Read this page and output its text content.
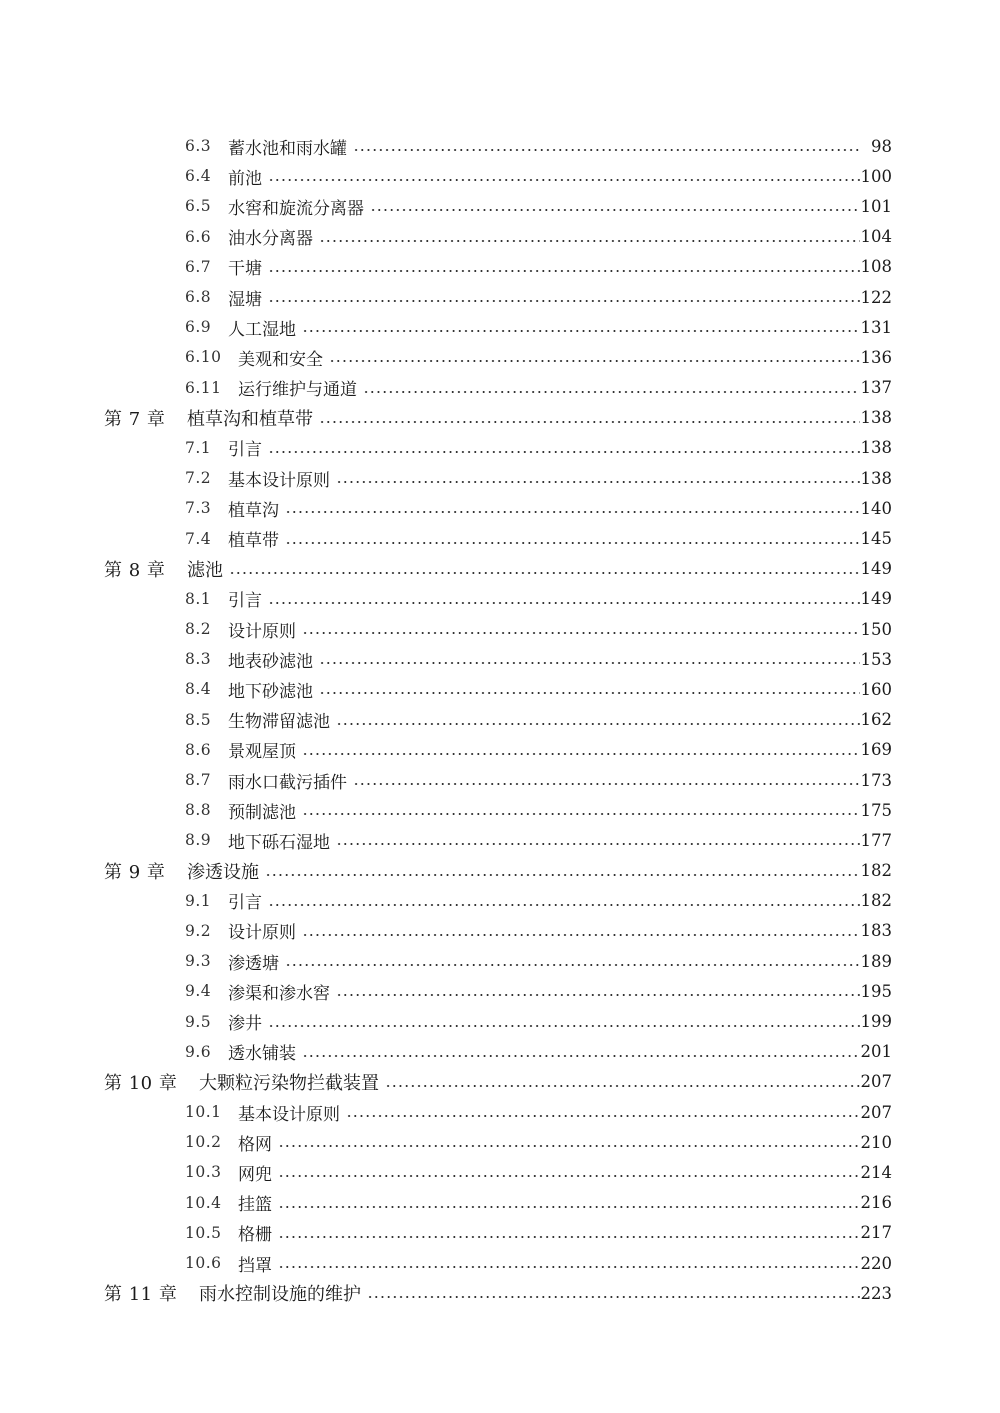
6.3 蓄水池和雨水罐	98
6.4 前池	100
6.5 水窖和旋流分离器	101
6.6 油水分离器	104
6.7 干塘	108
6.8 湿塘	122
6.9 人工湿地	131
6.10 美观和安全	136
6.11 运行维护与通道	137
第 7 章 植草沟和植草带	138
7.1 引言	138
7.2 基本设计原则	138
7.3 植草沟	140
7.4 植草带	145
第 8 章 滤池	149
8.1 引言	149
8.2 设计原则	150
8.3 地表砂滤池	153
8.4 地下砂滤池	160
8.5 生物滞留滤池	162
8.6 景观屋顶	169
8.7 雨水口截污插件	173
8.8 预制滤池	175
8.9 地下砾石湿地	177
第 9 章 渗透设施	182
9.1 引言	182
9.2 设计原则	183
9.3 渗透塘	189
9.4 渗渠和渗水窖	195
9.5 渗井	199
9.6 透水铺装	201
第 10 章 大颗粒污染物拦截装置	207
10.1 基本设计原则	207
10.2 格网	210
10.3 网兜	214
10.4 挂篮	216
10.5 格栅	217
10.6 挡罩	220
第 11 章 雨水控制设施的维护	223
